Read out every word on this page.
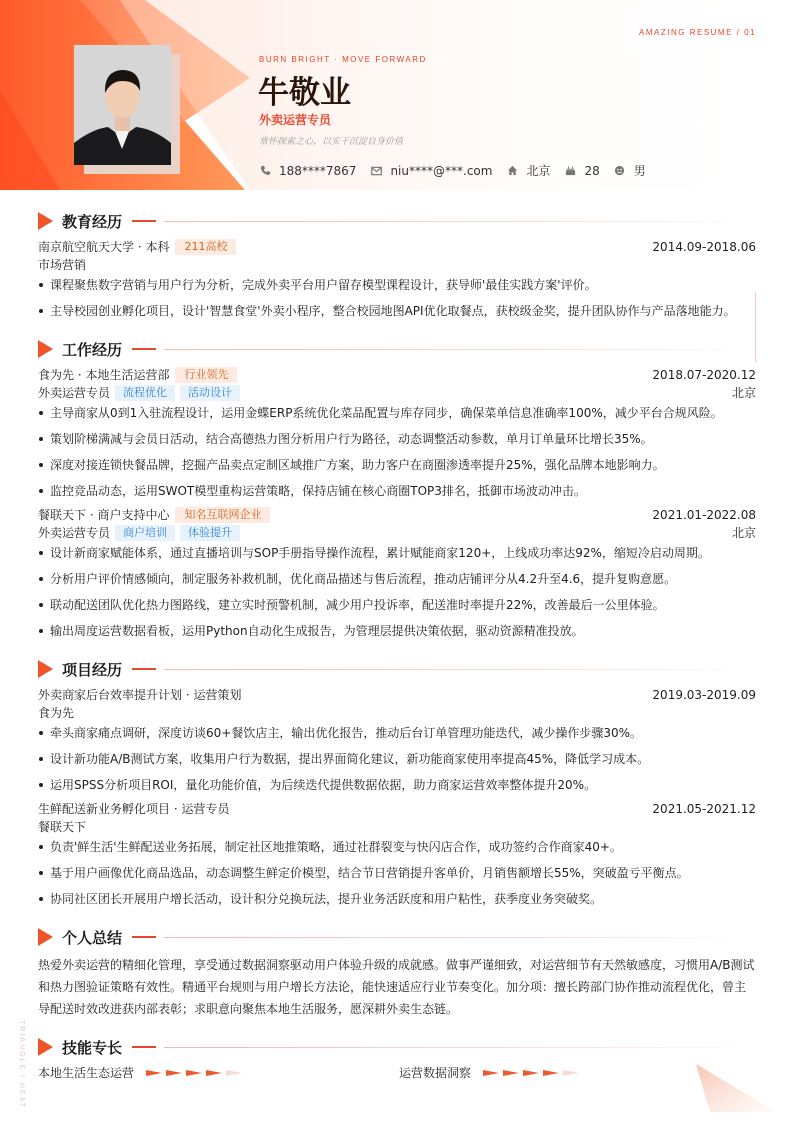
AMAZING RESUME / 01
BURN BRIGHT · MOVE FORWARD
牛敬业
外卖运营专员
常怀探索之心，以实干沉淀自身价值
188****7867	niu****@***.com	北京	28	男
教育经历
南京航空航天大学 · 本科	211高校	2014.09-2018.06
市场营销
课程聚焦数字营销与用户行为分析，完成外卖平台用户留存模型课程设计，获导师'最佳实践方案'评价。
主导校园创业孵化项目，设计'智慧食堂'外卖小程序，整合校园地图API优化取餐点，获校级金奖，提升团队协作与产品落地能力。
工作经历
食为先 · 本地生活运营部	行业领先	2018.07-2020.12
外卖运营专员	流程优化	活动设计	北京
主导商家从0到1入驻流程设计，运用金蝶ERP系统优化菜品配置与库存同步，确保菜单信息准确率100%，减少平台合规风险。
策划阶梯满减与会员日活动，结合高德热力图分析用户行为路径，动态调整活动参数，单月订单量环比增长35%。
深度对接连锁快餐品牌，挖掘产品卖点定制区域推广方案，助力客户在商圈渗透率提升25%，强化品牌本地影响力。
监控竞品动态，运用SWOT模型重构运营策略，保持店铺在核心商圈TOP3排名，抵御市场波动冲击。
餐联天下 · 商户支持中心	知名互联网企业	2021.01-2022.08
外卖运营专员	商户培训	体验提升	北京
设计新商家赋能体系，通过直播培训与SOP手册指导操作流程，累计赋能商家120+，上线成功率达92%，缩短冷启动周期。
分析用户评价情感倾向，制定服务补救机制，优化商品描述与售后流程，推动店铺评分从4.2升至4.6，提升复购意愿。
联动配送团队优化热力图路线，建立实时预警机制，减少用户投诉率，配送准时率提升22%，改善最后一公里体验。
输出周度运营数据看板，运用Python自动化生成报告，为管理层提供决策依据，驱动资源精准投放。
项目经历
外卖商家后台效率提升计划 · 运营策划	2019.03-2019.09
食为先
牵头商家痛点调研，深度访谈60+餐饮店主，输出优化报告，推动后台订单管理功能迭代，减少操作步骤30%。
设计新功能A/B测试方案，收集用户行为数据，提出界面简化建议，新功能商家使用率提高45%，降低学习成本。
运用SPSS分析项目ROI，量化功能价值，为后续迭代提供数据依据，助力商家运营效率整体提升20%。
生鲜配送新业务孵化项目 · 运营专员	2021.05-2021.12
餐联天下
负责'鲜生活'生鲜配送业务拓展，制定社区地推策略，通过社群裂变与快闪店合作，成功签约合作商家40+。
基于用户画像优化商品选品，动态调整生鲜定价模型，结合节日营销提升客单价，月销售额增长55%，突破盈亏平衡点。
协同社区团长开展用户增长活动，设计积分兑换玩法，提升业务活跃度和用户粘性，获季度业务突破奖。
个人总结
热爱外卖运营的精细化管理，享受通过数据洞察驱动用户体验升级的成就感。做事严谨细致，对运营细节有天然敏感度，习惯用A/B测试和热力图验证策略有效性。精通平台规则与用户增长方法论，能快速适应行业节奏变化。加分项：擅长跨部门协作推动流程优化，曾主导配送时效改进获内部表彰；求职意向聚焦本地生活服务，愿深耕外卖生态链。
技能专长
本地生活生态运营	运营数据洞察
TRIANGLE / HEAT
